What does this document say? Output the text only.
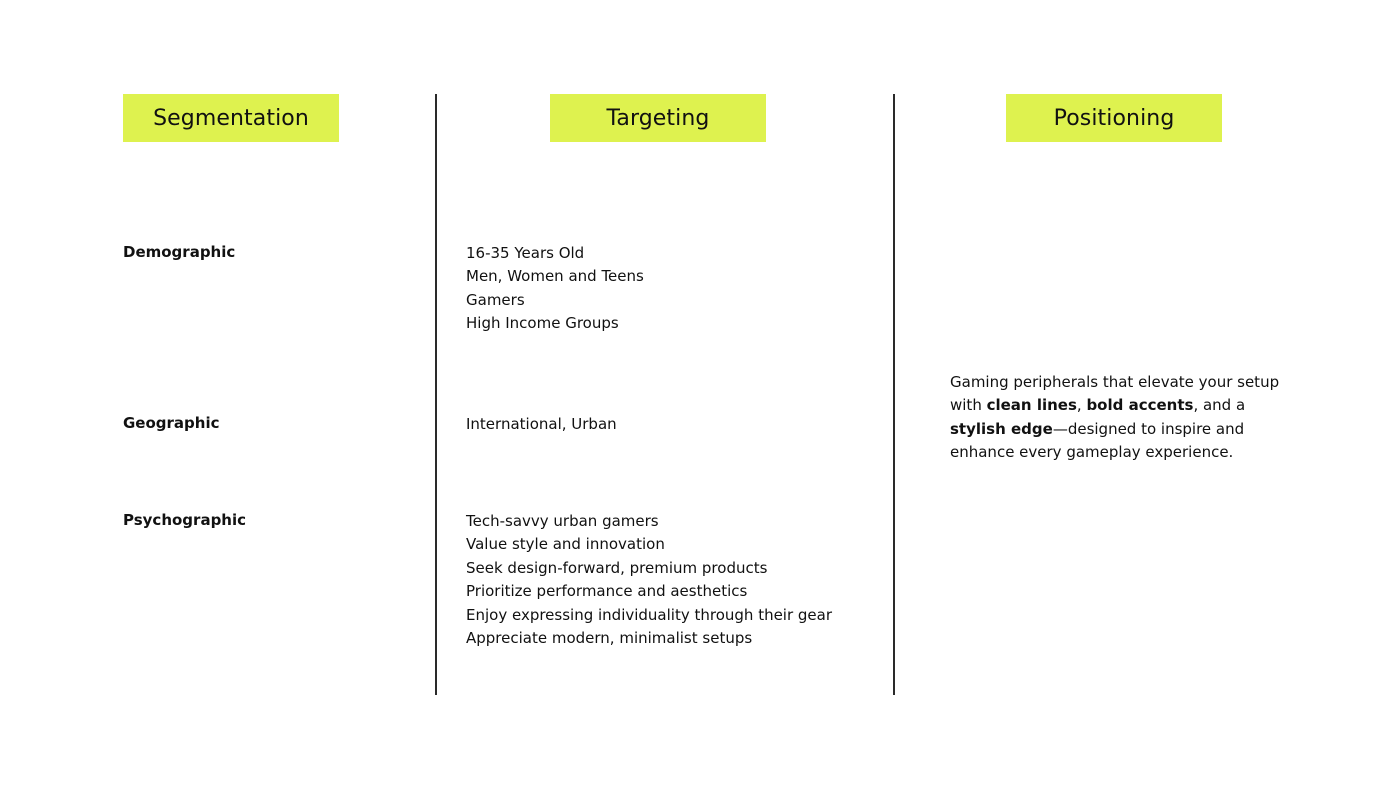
Segmentation	Targeting	Positioning
Demographic
Geographic
Psychographic
16-35 Years Old
Men, Women and Teens
Gamers
High Income Groups
International, Urban
Tech-savvy urban gamers
Value style and innovation
Seek design-forward, premium products
Prioritize performance and aesthetics
Enjoy expressing individuality through their gear
Appreciate modern, minimalist setups

Gaming peripherals that elevate your setup with clean lines, bold accents, and a stylish edge—designed to inspire and enhance every gameplay experience.
